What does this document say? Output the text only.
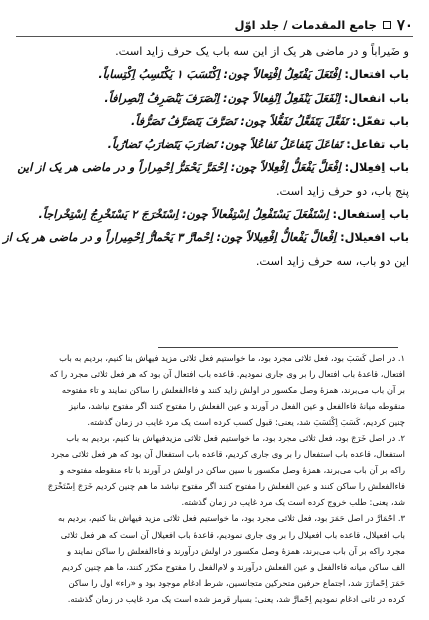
۷۰
جامع المقدمات / جلد اوّل

و ضَیراباً و در ماضی هر یک از این سه باب یک حرف زاید است.

باب افتعال: اِفْتَعَلَ یَفْتَعِلُ اِفْتِعالاً چون: اِکْتَسَبَ ۱ یَکْتَسِبُ اِکْتِساباً.

باب انفعال: اِنْفَعَلَ یَنْفَعِلُ اِنْفِعالاً چون: اِنْصَرَفَ یَنْصَرِفُ اِنْصِرافاً.

باب تفعّل: تَفَعَّلَ یَتَفَعَّلُ تَفَعُّلاً چون: تَصَرَّفَ یَتَصَرَّفُ تَصَرُّفاً.

باب تفاعل: تَفاعَلَ یَتَفاعَلُ تَفاعُلاً چون: تَضارَبَ یَتَضارَبُ تَضارُباً.

باب اِفعِلال: اِفْعَلَّ یَفْعَلُّ اِفْعِلالاً چون: اِحْمَرَّ یَحْمَرُّ اِحْمِراراً و در ماضی هر یک از این

پنج باب، دو حرف زاید است.

باب اِستفعال: اِسْتَفْعَلَ یَسْتَفْعِلُ اِسْتِفْعالاً چون: اِسْتَخْرَجَ ۲ یَسْتَخْرِجُ اِسْتِخْراجاً.

باب افعیلال: اِفْعالَّ یَفْعالُّ اِفْعِیلالاً چون: اِحْمارَّ ۳ یَحْمارُّ اِحْمِیراراً و در ماضی هر یک از

این دو باب، سه حرف زاید است.

۱. در اصل کَسَبَ بود، فعل ثلاثی مجرد بود، ما خواستیم فعل ثلاثی مزید فیهاش بنا کنیم، بردیم به باب

افتعال، قاعدهٔ باب افتعال را بر وی جاری نمودیم. قاعده باب افتعال آن بود که هر فعل ثلاثی مجرد را که

بر آن باب می‌برند، همزهٔ وصل مکسور در اولش زاید کنند و فاءالفعلش را ساکن نمایند و تاء مفتوحه

منقوطه میانهٔ فاءالفعل و عین الفعل در آورند و عین الفعلش را مفتوح کنند اگر مفتوح نباشد، مانیز

چنین کردیم، کَسَبَ اِکْتَسَبَ شد، یعنی: قبول کسب کرده است یک مرد غایب در زمان گذشته.

۲. در اصل خَرَجَ بود، فعل ثلاثی مجرد بود، ما خواستیم فعل ثلاثی مزیدفیهاش بنا کنیم، بردیم به باب

استفعال، قاعده باب استفعال را بر وی جاری کردیم، قاعده باب استفعال آن بود که هر فعل ثلاثی مجرد

راکه بر آن باب می‌برند، همزهٔ وصل مکسور با سین ساکن در اولش در آورند با تاء منقوطه مفتوحه و

فاءالفعلش را ساکن کنند و عین الفعلش را مفتوح کنند اگر مفتوح نباشد ما هم چنین کردیم خَرَجَ اِسْتَخْرَجَ

شد، یعنی: طلب خروج کرده است یک مرد غایب در زمان گذشته.

۳. احْمَارَّ در اصل حَمَرَ بود، فعل ثلاثی مجرد بود، ما خواستیم فعل ثلاثی مزید فیهاش بنا کنیم، بردیم به

باب افعیلال، قاعده باب افعیلال را بر وی جاری نمودیم، قاعدهٔ باب افعیلال آن است که هر فعل ثلاثی

مجرد راکه بر آن باب می‌برند، همزهٔ وصل مکسور در اولش درآورند و فاءالفعلش را ساکن نمایند و

الف ساکن میانه فاءالفعل و عین الفعلش درآورند و لام‌الفعل را مفتوح مکرّر کنند، ما هم چنین کردیم

حَمَرَ اِحْمارَرَ شد، اجتماع حرفین متحرکین متجانسین، شرط ادغام موجود بود و «راء» اول را ساکن

کرده در ثانی ادغام نمودیم اِحْمارَّ شد، یعنی: بسیار قرمز شده است یک مرد غایب در زمان گذشته.
